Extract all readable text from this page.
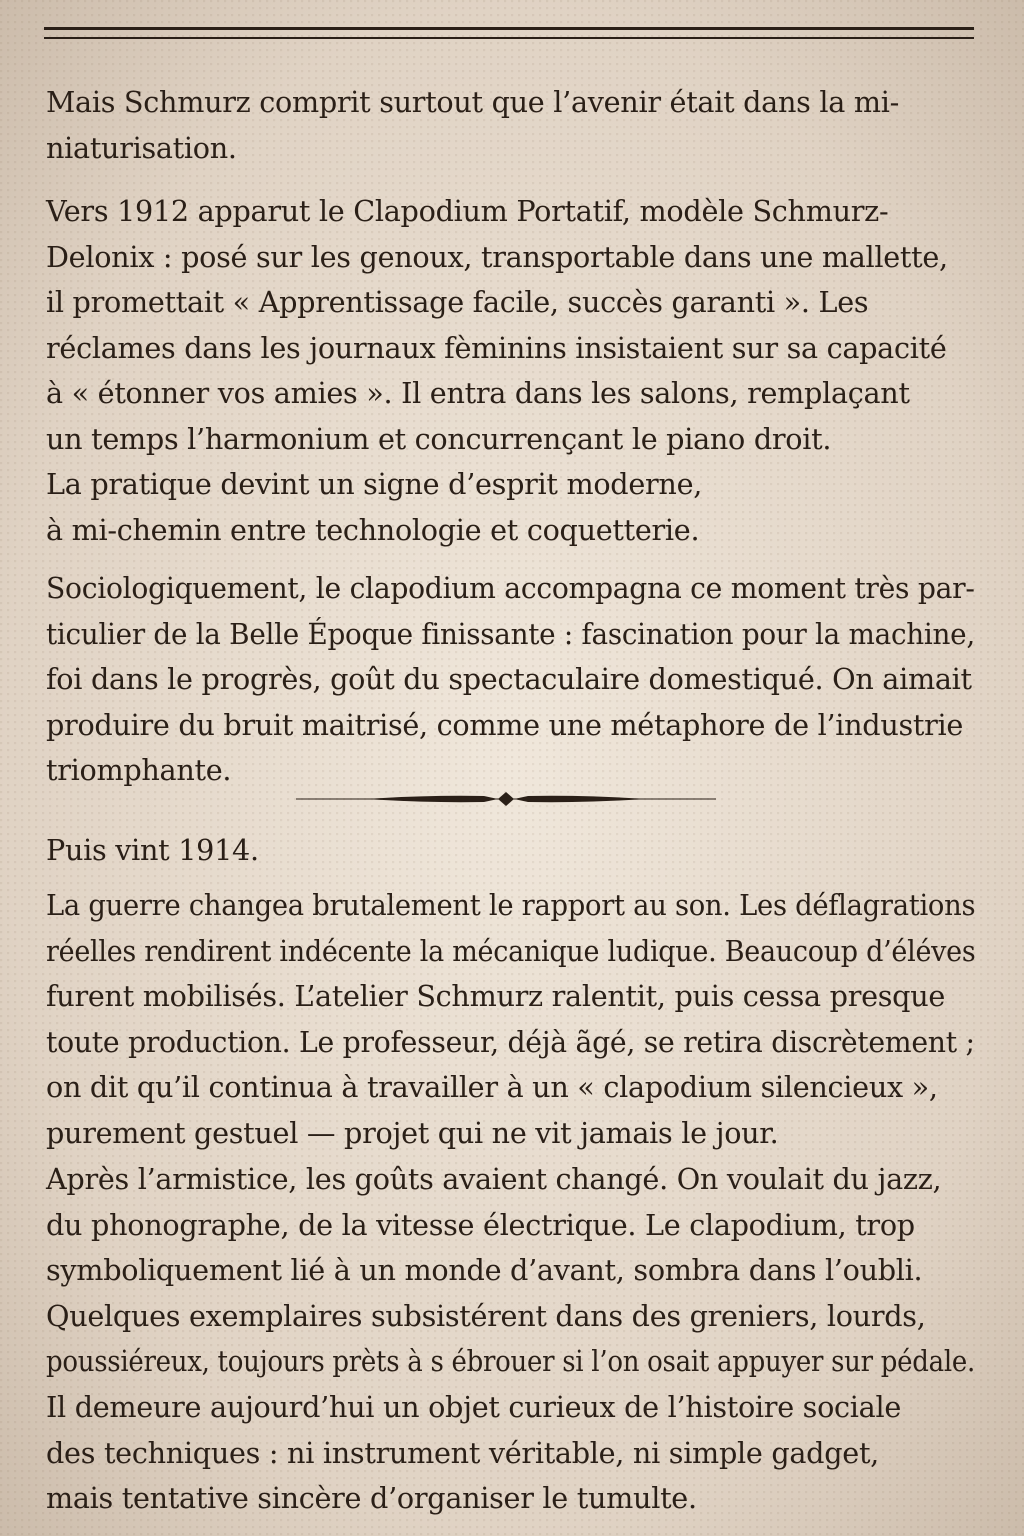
Mais Schmurz comprit surtout que l’avenir était dans la mi-
niaturisation.
Vers 1912 apparut le Clapodium Portatif, modèle Schmurz-
Delonix : posé sur les genoux, transportable dans une mallette,
il promettait « Apprentissage facile, succès garanti ». Les
réclames dans les journaux fèminins insistaient sur sa capacité
à « étonner vos amies ». Il entra dans les salons, remplaçant
un temps l’harmonium et concurrençant le piano droit.
La pratique devint un signe d’esprit moderne,
à mi-chemin entre technologie et coquetterie.
Sociologiquement, le clapodium accompagna ce moment très par-
ticulier de la Belle Époque finissante : fascination pour la machine,
foi dans le progrès, goût du spectaculaire domestiqué. On aimait
produire du bruit maitrisé, comme une métaphore de l’industrie
triomphante.
Puis vint 1914.
La guerre changea brutalement le rapport au son. Les déflagrations
réelles rendirent indécente la mécanique ludique. Beaucoup d’éléves
furent mobilisés. L’atelier Schmurz ralentit, puis cessa presque
toute production. Le professeur, déjà ãgé, se retira discrètement ;
on dit qu’il continua à travailler à un « clapodium silencieux »,
purement gestuel — projet qui ne vit jamais le jour.
Après l’armistice, les goûts avaient changé. On voulait du jazz,
du phonographe, de la vitesse électrique. Le clapodium, trop
symboliquement lié à un monde d’avant, sombra dans l’oubli.
Quelques exemplaires subsistérent dans des greniers, lourds,
poussiéreux, toujours prèts à s ébrouer si l’on osait appuyer sur pédale.
Il demeure aujourd’hui un objet curieux de l’histoire sociale
des techniques : ni instrument véritable, ni simple gadget,
mais tentative sincère d’organiser le tumulte.
